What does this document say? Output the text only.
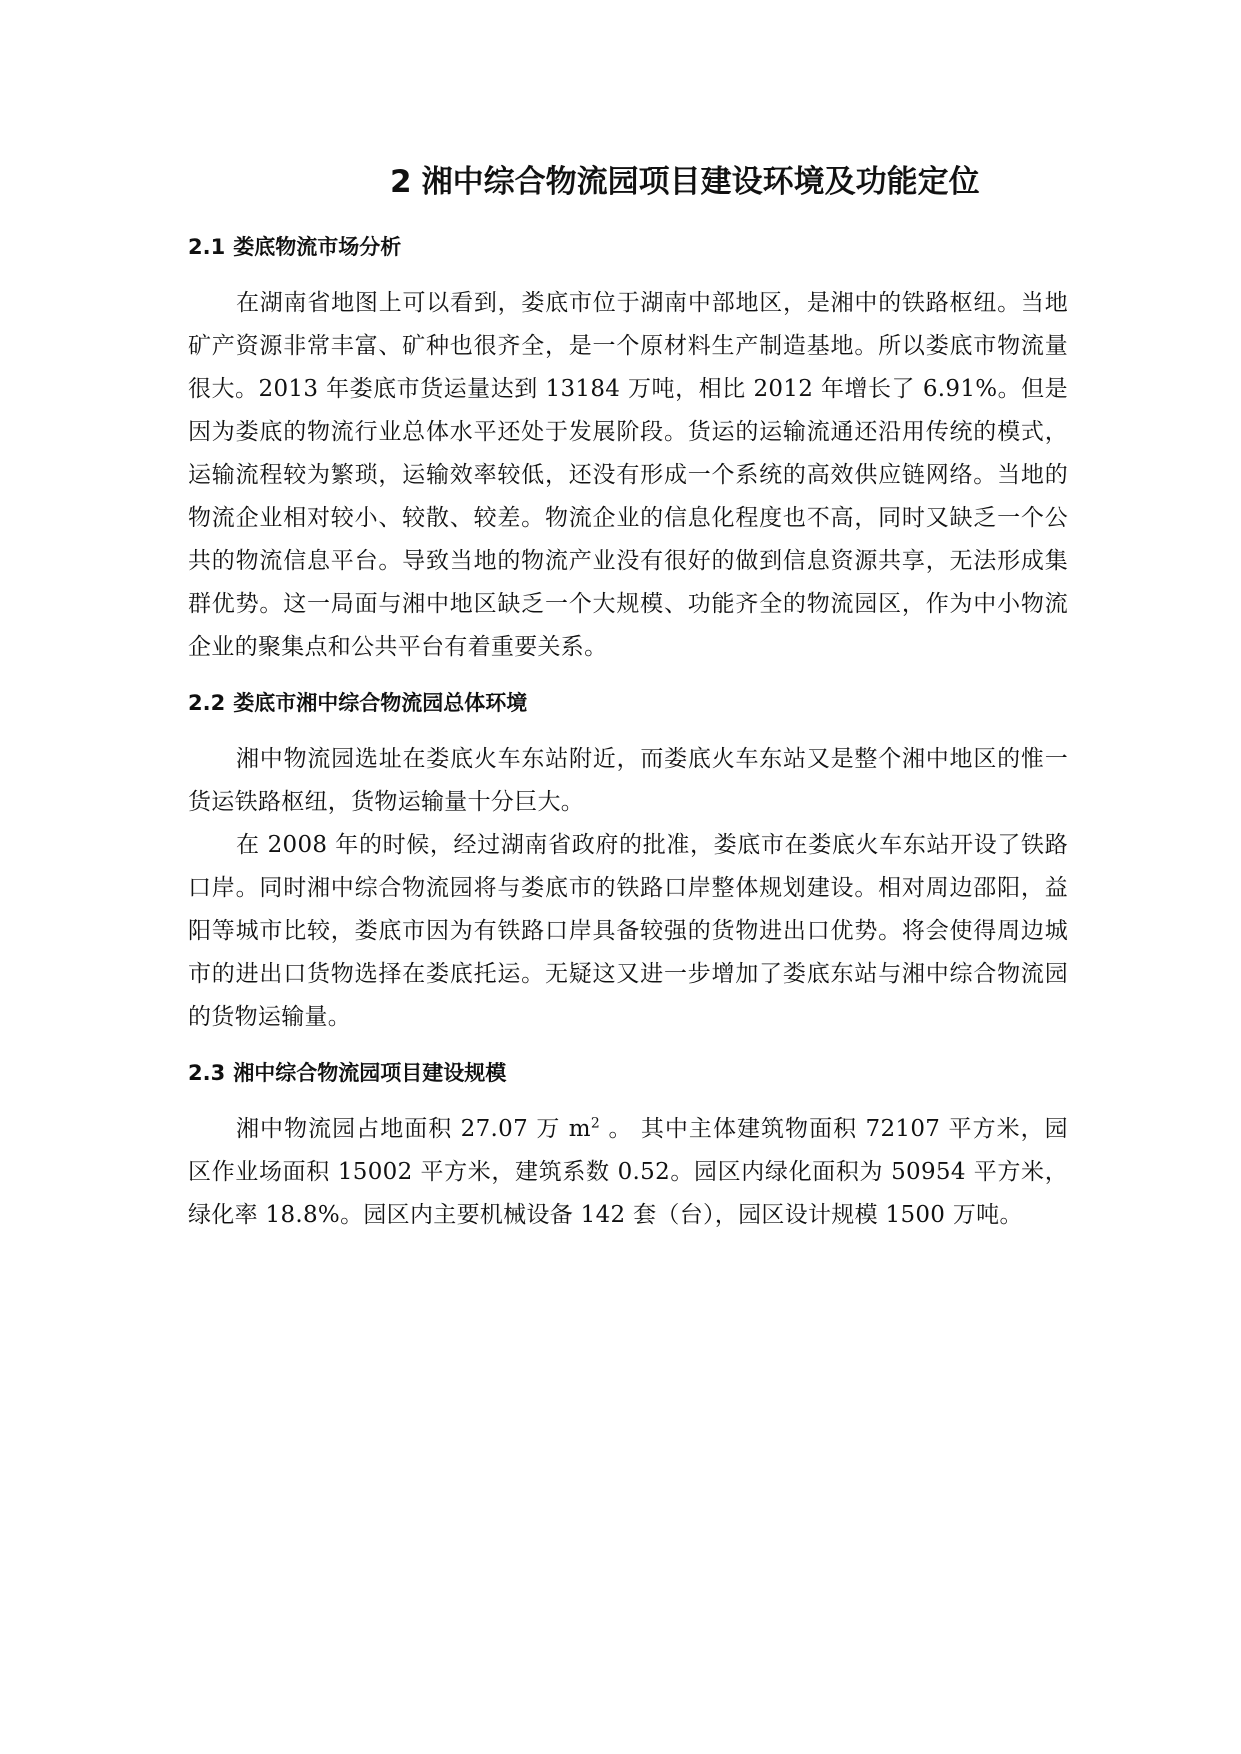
2 湘中综合物流园项目建设环境及功能定位
2.1 娄底物流市场分析

在湖南省地图上可以看到，娄底市位于湖南中部地区，是湘中的铁路枢纽。当地矿产资源非常丰富、矿种也很齐全，是一个原材料生产制造基地。所以娄底市物流量很大。2013 年娄底市货运量达到 13184 万吨，相比 2012 年增长了 6.91%。但是因为娄底的物流行业总体水平还处于发展阶段。货运的运输流通还沿用传统的模式，运输流程较为繁琐，运输效率较低，还没有形成一个系统的高效供应链网络。当地的物流企业相对较小、较散、较差。物流企业的信息化程度也不高，同时又缺乏一个公共的物流信息平台。导致当地的物流产业没有很好的做到信息资源共享，无法形成集群优势。这一局面与湘中地区缺乏一个大规模、功能齐全的物流园区，作为中小物流企业的聚集点和公共平台有着重要关系。

2.2 娄底市湘中综合物流园总体环境

湘中物流园选址在娄底火车东站附近，而娄底火车东站又是整个湘中地区的惟一货运铁路枢纽，货物运输量十分巨大。

在 2008 年的时候，经过湖南省政府的批准，娄底市在娄底火车东站开设了铁路口岸。同时湘中综合物流园将与娄底市的铁路口岸整体规划建设。相对周边邵阳，益阳等城市比较，娄底市因为有铁路口岸具备较强的货物进出口优势。将会使得周边城市的进出口货物选择在娄底托运。无疑这又进一步增加了娄底东站与湘中综合物流园的货物运输量。

2.3 湘中综合物流园项目建设规模

湘中物流园占地面积 27.07 万 $m^2$ 。 其中主体建筑物面积 72107 平方米，园区作业场面积 15002 平方米，建筑系数 0.52。园区内绿化面积为 50954 平方米，绿化率 18.8%。园区内主要机械设备 142 套（台），园区设计规模 1500 万吨。
